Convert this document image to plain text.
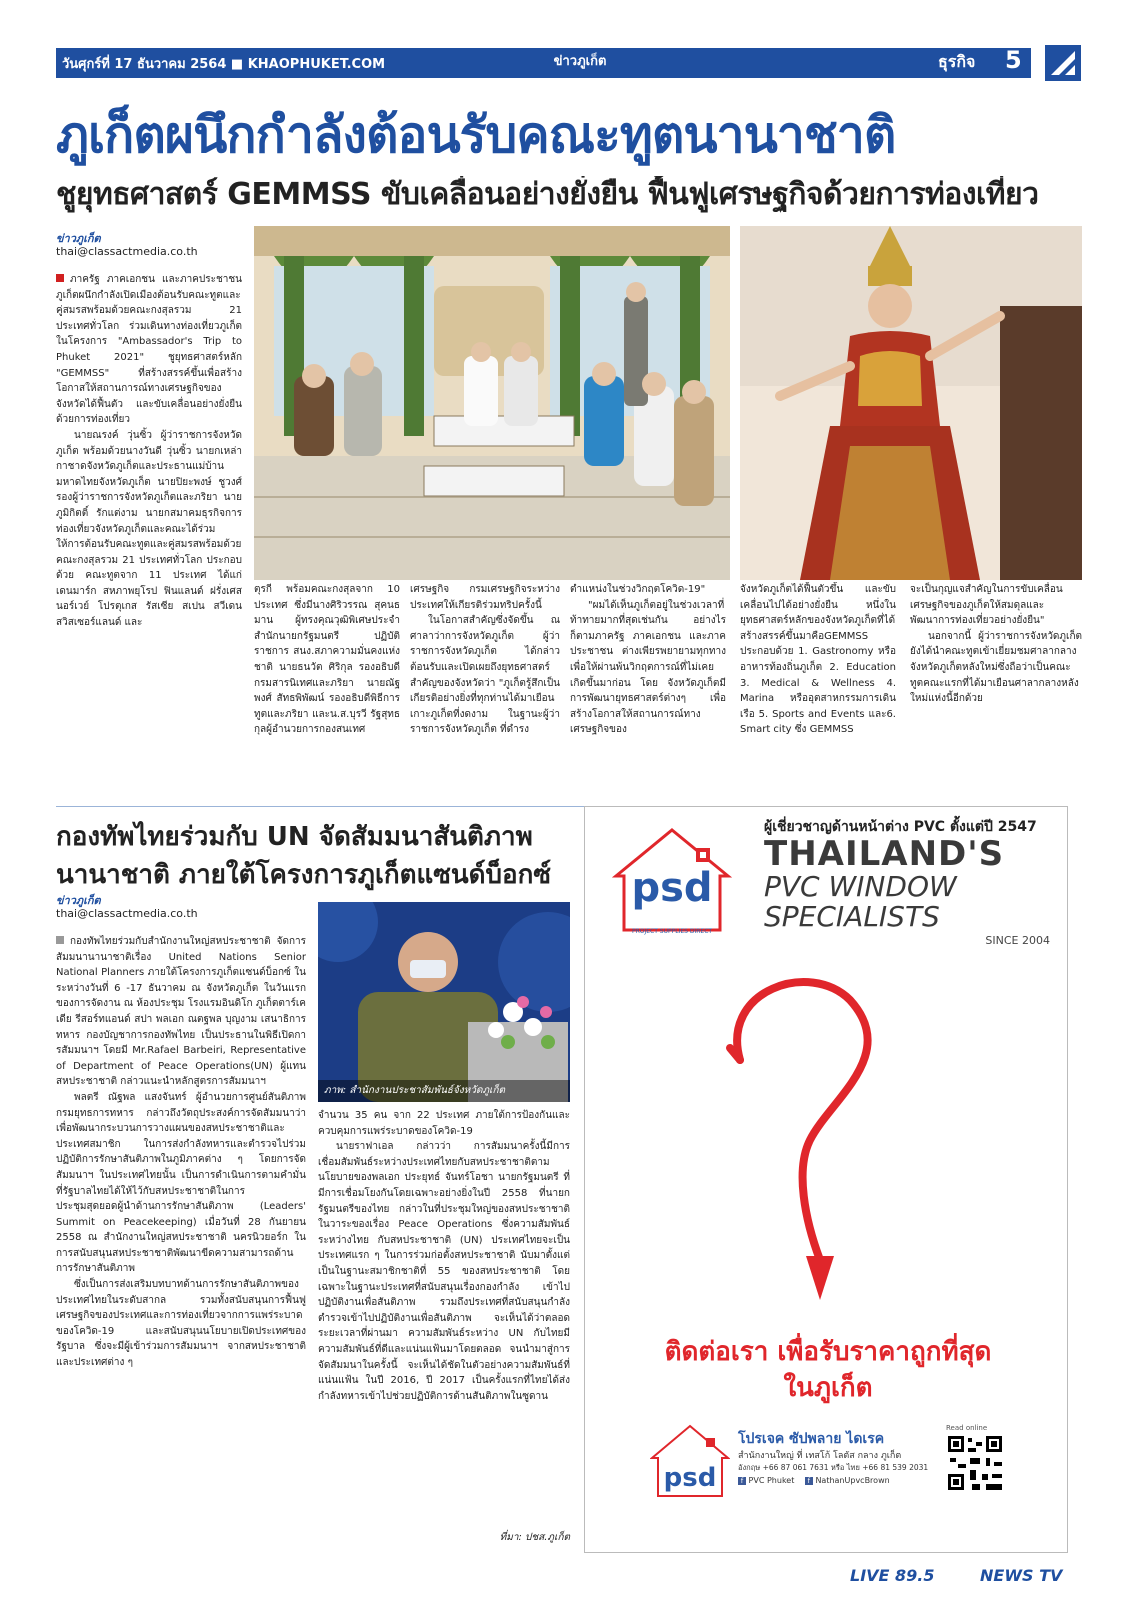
วันศุกร์ที่ 17 ธันวาคม 2564 ■ KHAOPHUKET.COM	ข่าวภูเก็ต	ธุรกิจ 5
ภูเก็ตผนึกกำลังต้อนรับคณะทูตนานาชาติ
ชูยุทธศาสตร์ GEMMSS ขับเคลื่อนอย่างยั่งยืน ฟื้นฟูเศรษฐกิจด้วยการท่องเที่ยว
ข่าวภูเก็ต
thai@classactmedia.co.th

ภาครัฐ ภาคเอกชน และภาคประชาชนภูเก็ตผนึกกำลังเปิดเมืองต้อนรับคณะทูตและคู่สมรสพร้อมด้วยคณะกงสุลรวม 21 ประเทศทั่วโลก ร่วมเดินทางท่องเที่ยวภูเก็ตในโครงการ "Ambassador's Trip to Phuket 2021" ชูยุทธศาสตร์หลัก "GEMMSS" ที่สร้างสรรค์ขึ้นเพื่อสร้างโอกาสให้สถานการณ์ทางเศรษฐกิจของจังหวัดได้ฟื้นตัว และขับเคลื่อนอย่างยั่งยืนด้วยการท่องเที่ยว

นายณรงค์ วุ่นซิ้ว ผู้ว่าราชการจังหวัดภูเก็ต พร้อมด้วยนางวันดี วุ่นซิ้ว นายกเหล่ากาชาดจังหวัดภูเก็ตและประธานแม่บ้านมหาดไทยจังหวัดภูเก็ต นายปิยะพงษ์ ชูวงศ์ รองผู้ว่าราชการจังหวัดภูเก็ตและภริยา นายภูมิกิตติ์ รักแต่งาม นายกสมาคมธุรกิจการท่องเที่ยวจังหวัดภูเก็ตและคณะได้ร่วมให้การต้อนรับคณะทูตและคู่สมรสพร้อมด้วยคณะกงสุลรวม 21 ประเทศทั่วโลก ประกอบด้วย คณะทูตจาก 11 ประเทศ ได้แก่ เดนมาร์ก สหภาพยุโรป ฟินแลนด์ ฝรั่งเศส นอร์เวย์ โปรตุเกส รัสเซีย สเปน สวีเดน สวิสเซอร์แลนด์ และ

ตุรกี พร้อมคณะกงสุลจาก 10 ประเทศ ซึ่งมีนางศิริวรรณ สุคนธมาน ผู้ทรงคุณวุฒิพิเศษประจำสำนักนายกรัฐมนตรี ปฏิบัติราชการ สนง.สภาความมั่นคงแห่งชาติ นายธนวัต ศิริกุล รองอธิบดีกรมสารนิเทศและภริยา นายณัฐพงศ์ สัทธพิพัฒน์ รองอธิบดีพิธีการทูตและภริยา และน.ส.บุรวี รัฐสุทธกุลผู้อำนวยการกองสนเทศ

เศรษฐกิจ กรมเศรษฐกิจระหว่างประเทศให้เกียรติร่วมทริปครั้งนี้

ในโอกาสสำคัญซึ่งจัดขึ้น ณ ศาลาว่าการจังหวัดภูเก็ต ผู้ว่าราชการจังหวัดภูเก็ต ได้กล่าวต้อนรับและเปิดเผยถึงยุทธศาสตร์สำคัญของจังหวัดว่า "ภูเก็ตรู้สึกเป็นเกียรติอย่างยิ่งที่ทุกท่านได้มาเยือนเกาะภูเก็ตที่งดงาม ในฐานะผู้ว่าราชการจังหวัดภูเก็ต ที่ดำรง

ตำแหน่งในช่วงวิกฤตโควิด-19"

"ผมได้เห็นภูเก็ตอยู่ในช่วงเวลาที่ท้าทายมากที่สุดเช่นกัน อย่างไรก็ตามภาครัฐ ภาคเอกชน และภาคประชาชน ต่างเพียรพยายามทุกทางเพื่อให้ผ่านพ้นวิกฤตการณ์ที่ไม่เคยเกิดขึ้นมาก่อน โดย จังหวัดภูเก็ตมีการพัฒนายุทธศาสตร์ต่างๆ เพื่อสร้างโอกาสให้สถานการณ์ทางเศรษฐกิจของ

จังหวัดภูเก็ตได้ฟื้นตัวขึ้น และขับเคลื่อนไปได้อย่างยั่งยืน หนึ่งในยุทธศาสตร์หลักของจังหวัดภูเก็ตที่ได้สร้างสรรค์ขึ้นมาคือGEMMSS ประกอบด้วย 1. Gastronomy หรืออาหารท้องถิ่นภูเก็ต 2. Education 3. Medical & Wellness 4. Marina หรืออุตสาหกรรมการเดินเรือ 5. Sports and Events และ6. Smart city ซึ่ง GEMMSS

จะเป็นกุญแจสำคัญในการขับเคลื่อนเศรษฐกิจของภูเก็ตให้สมดุลและพัฒนาการท่องเที่ยวอย่างยั่งยืน"

นอกจากนี้ ผู้ว่าราชการจังหวัดภูเก็ตยังได้นำคณะทูตเข้าเยี่ยมชมศาลากลางจังหวัดภูเก็ตหลังใหม่ซึ่งถือว่าเป็นคณะทูตคณะแรกที่ได้มาเยือนศาลากลางหลังใหม่แห่งนี้อีกด้วย

กองทัพไทยร่วมกับ UN จัดสัมมนาสันติภาพ
นานาชาติ ภายใต้โครงการภูเก็ตแซนด์บ็อกซ์
ข่าวภูเก็ต
thai@classactmedia.co.th

กองทัพไทยร่วมกับสำนักงานใหญ่สหประชาชาติ จัดการสัมมนานานาชาติเรื่อง United Nations Senior National Planners ภายใต้โครงการภูเก็ตแซนด์บ็อกซ์ ในระหว่างวันที่ 6 -17 ธันวาคม ณ จังหวัดภูเก็ต ในวันแรกของการจัดงาน ณ ห้องประชุม โรงแรมอินดิโก ภูเก็ตตาร์เคเดีย รีสอร์ทแอนด์ สปา พลเอก ณตฐพล บุญงาม เสนาธิการทหาร กองบัญชาการกองทัพไทย เป็นประธานในพิธีเปิดการสัมมนาฯ โดยมี Mr.Rafael Barbeiri, Representative of Department of Peace Operations(UN) ผู้แทนสหประชาชาติ กล่าวแนะนำหลักสูตรการสัมมนาฯ

พลตรี ณัฐพล แสงจันทร์ ผู้อำนวยการศูนย์สันติภาพ กรมยุทธการทหาร กล่าวถึงวัตถุประสงค์การจัดสัมมนาว่า เพื่อพัฒนากระบวนการวางแผนของสหประชาชาติและประเทศสมาชิก ในการส่งกำลังทหารและตำรวจไปร่วมปฏิบัติการรักษาสันติภาพในภูมิภาคต่าง ๆ โดยการจัดสัมมนาฯ ในประเทศไทยนั้น เป็นการดำเนินการตามคำมั่นที่รัฐบาลไทยได้ให้ไว้กับสหประชาชาติในการประชุมสุดยอดผู้นำด้านการรักษาสันติภาพ (Leaders' Summit on Peacekeeping) เมื่อวันที่ 28 กันยายน 2558 ณ สำนักงานใหญ่สหประชาชาติ นครนิวยอร์ก ในการสนับสนุนสหประชาชาติพัฒนาขีดความสามารถด้านการรักษาสันติภาพ

ซึ่งเป็นการส่งเสริมบทบาทด้านการรักษาสันติภาพของประเทศไทยในระดับสากล รวมทั้งสนับสนุนการฟื้นฟูเศรษฐกิจของประเทศและการท่องเที่ยวจากการแพร่ระบาดของโควิด-19 และสนับสนุนนโยบายเปิดประเทศของรัฐบาล ซึ่งจะมีผู้เข้าร่วมการสัมมนาฯ จากสหประชาชาติและประเทศต่าง ๆ

ภาพ: สำนักงานประชาสัมพันธ์จังหวัดภูเก็ต

จำนวน 35 คน จาก 22 ประเทศ ภายใต้การป้องกันและควบคุมการแพร่ระบาดของโควิด-19

นายราฟาเอล กล่าวว่า การสัมมนาครั้งนี้มีการเชื่อมสัมพันธ์ระหว่างประเทศไทยกับสหประชาชาติตามนโยบายของพลเอก ประยุทธ์ จันทร์โอชา นายกรัฐมนตรี ที่มีการเชื่อมโยงกันโดยเฉพาะอย่างยิ่งในปี 2558 ที่นายกรัฐมนตรีของไทย กล่าวในที่ประชุมใหญ่ของสหประชาชาติในวาระของเรื่อง Peace Operations ซึ่งความสัมพันธ์ระหว่างไทย กับสหประชาชาติ (UN) ประเทศไทยจะเป็นประเทศแรก ๆ ในการร่วมก่อตั้งสหประชาชาติ นับมาตั้งแต่เป็นในฐานะสมาชิกชาติที่ 55 ของสหประชาชาติ โดยเฉพาะในฐานะประเทศที่สนับสนุนเรื่องกองกำลัง เข้าไปปฏิบัติงานเพื่อสันติภาพ รวมถึงประเทศที่สนับสนุนกำลังตำรวจเข้าไปปฏิบัติงานเพื่อสันติภาพ จะเห็นได้ว่าตลอดระยะเวลาที่ผ่านมา ความสัมพันธ์ระหว่าง UN กับไทยมีความสัมพันธ์ที่ดีและแน่นแฟ้นมาโดยตลอด จนนำมาสู่การจัดสัมมนาในครั้งนี้ จะเห็นได้ชัดในตัวอย่างความสัมพันธ์ที่แน่นแฟ้น ในปี 2016, ปี 2017 เป็นครั้งแรกที่ไทยได้ส่งกำลังทหารเข้าไปช่วยปฏิบัติการด้านสันติภาพในซูดาน

ที่มา: ปชส.ภูเก็ต
ผู้เชี่ยวชาญด้านหน้าต่าง PVC ตั้งแต่ปี 2547
THAILAND'S
PVC WINDOW
SPECIALISTS
SINCE 2004
psd
PROJECT SUPPLIES DIRECT
ติดต่อเรา เพื่อรับราคาถูกที่สุด
ในภูเก็ต
psd
โปรเจค ซัปพลาย ไดเรค
สำนักงานใหญ่ ที่ เทสโก้ โลตัส กลาง ภูเก็ต
อังกฤษ +66 87 061 7631 หรือ ไทย +66 81 539 2031
f PVC Phuket f NathanUpvcBrown
Read online
LIVE 89.5	NEWS TV
